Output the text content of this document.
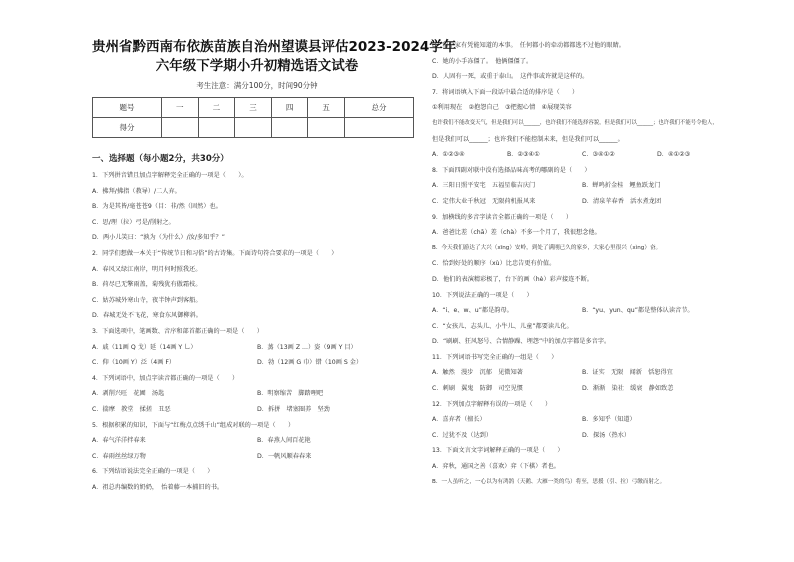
贵州省黔西南布依族苗族自治州望谟县评估2023-2024学年
六年级下学期小升初精选语文试卷
考生注意：满分100分，时间90分钟
题号	一	二	三	四	五	总分
得分						
一、选择题（每小题2分，共30分）
1．下列拼音错且加点字解释完全正确的一项是（　　）。
A．拂拜/拂指（教导）/二人弃。
B．为是其皆/毫苍苍9（目：非/然（固然）也。
C．思/理（拉）弓是/削射之。
D．两小儿笑曰：“孰为（为什么）/汝/多知乎？”
2．同学们想做一本关于“传统节日和习俗”的古诗集。下面诗句符合要求的一项是（　　）
A．春风又绿江南岸，明月何时照我还。
B．荷尽已无擎雨盖，菊残犹有傲霜枝。
C．姑苏城外寒山寺，夜半钟声到客船。
D．春城无处不飞花，寒食东风御柳斜。
3．下面选项中，笔画数、音序和部首都正确的一项是（　　）
A．戚（11画 Q 戈）延（14画 Y 乚）	B．蒸（13画 Z ...）姿（9画 Y 目）
C．仰（10画 Y）泛（4画 F）	D．勃（12画 G 巾）错（10画 S 金）
4．下列词语中，加点字读音都正确的一项是（　　）
A．剥削兴旺　花圃　汤匙	B．明察缩苦　脚踏哩吧
C．揣摩　教堂　揉搓　丑恶	D．拆拼　堵塞圈养　坚劲
5．根据积累的知识，下面与“红梅点点绣千山”组成对联的一项是（　　）
A．春气洋洋拌春来	B．春燕人间百花艳
C．春雨丝丝绿万物	D．一帆风顺春春来
6．下列结语说法完全正确的一项是（　　）
A．祖总冉编数的奶奶，　怡着藤一本捕旧的书。
B．科学家有凭能知道的本事。　任何都小的牵动都都逃不过他的眼睛。
C．她的小手冻僵了。　他俩僵僵了。
D．人固有一死，或重于泰山。　这件事或许就是这样的。
7．将词语填入下面一段话中最合适的排序是（　　）
①利用现在　②抱怨自己　③把握心情　④展现笑容
也许我们不能改变天气，但是我们可以______，也许我们不能选择容貌，但是我们可以______；也许我们不能号令他人，
但是我们可以______；也许我们不能控制未来，但是我们可以______。
A．①②③④	B．②③④①	C．③④①②	D．④①②③
8．下面四副对联中没有选择品味高考的哪副的是（　　）
A．三阳日照平安宅　五福星临吉庆门	B．蝉鸣折金桂　鲤鱼跃龙门
C．定伟大业千秋冠　无限荷机报风来	D．清泉苹春香　活水煮龙团
9．加横线的多音字读音全都正确的一项是（　　）
A．爸爸比差（chā）差（chà）不多一个月了，我很想念他。
B．今天我们游达了大兴（xīng）安岭，到处了满刚已久的家乡，大家心里很兴（xìng）奋。
C．恰到好处的顺序（xù）比忠告更有价值。
D．他们的表演精彩极了，台下的画（hè）彩声接连不断。
10．下列说法正确的一项是（　　）
A．“i、e、w、u”都是韵母。	B．“yu、yun、qu”都是整体认读音节。
C．“女孩儿、志头儿、小牛儿、儿童”都要读儿化。
D．“刷刷、狂风怒号、合情静躁、埋怨”中的加点字都是多音字。
11．下列词语书写完全正确的一组是（　　）
A．触然　漫步　沉郁　见微知著	B．证实　无限　闻新　恬恕得宜
C．刺刷　翼鬼　防御　司空见惯	D．渐渐　染社　缓衰　静如致恙
12．下列加点字解释有误的一项是（　　）
A．喜弃者（擅长）	B．多知乎（知道）
C．过犹不及（达到）	D．探汤（热水）
13．下面文言文字词解释正确的一项是（　　）
A．弈秋，通国之善（喜欢）弈（下棋）者也。
B．一人虽听之，一心以为有鸿鹄（天鹅、大雁一类的鸟）将至，思援（引、拉）弓缴而射之。
